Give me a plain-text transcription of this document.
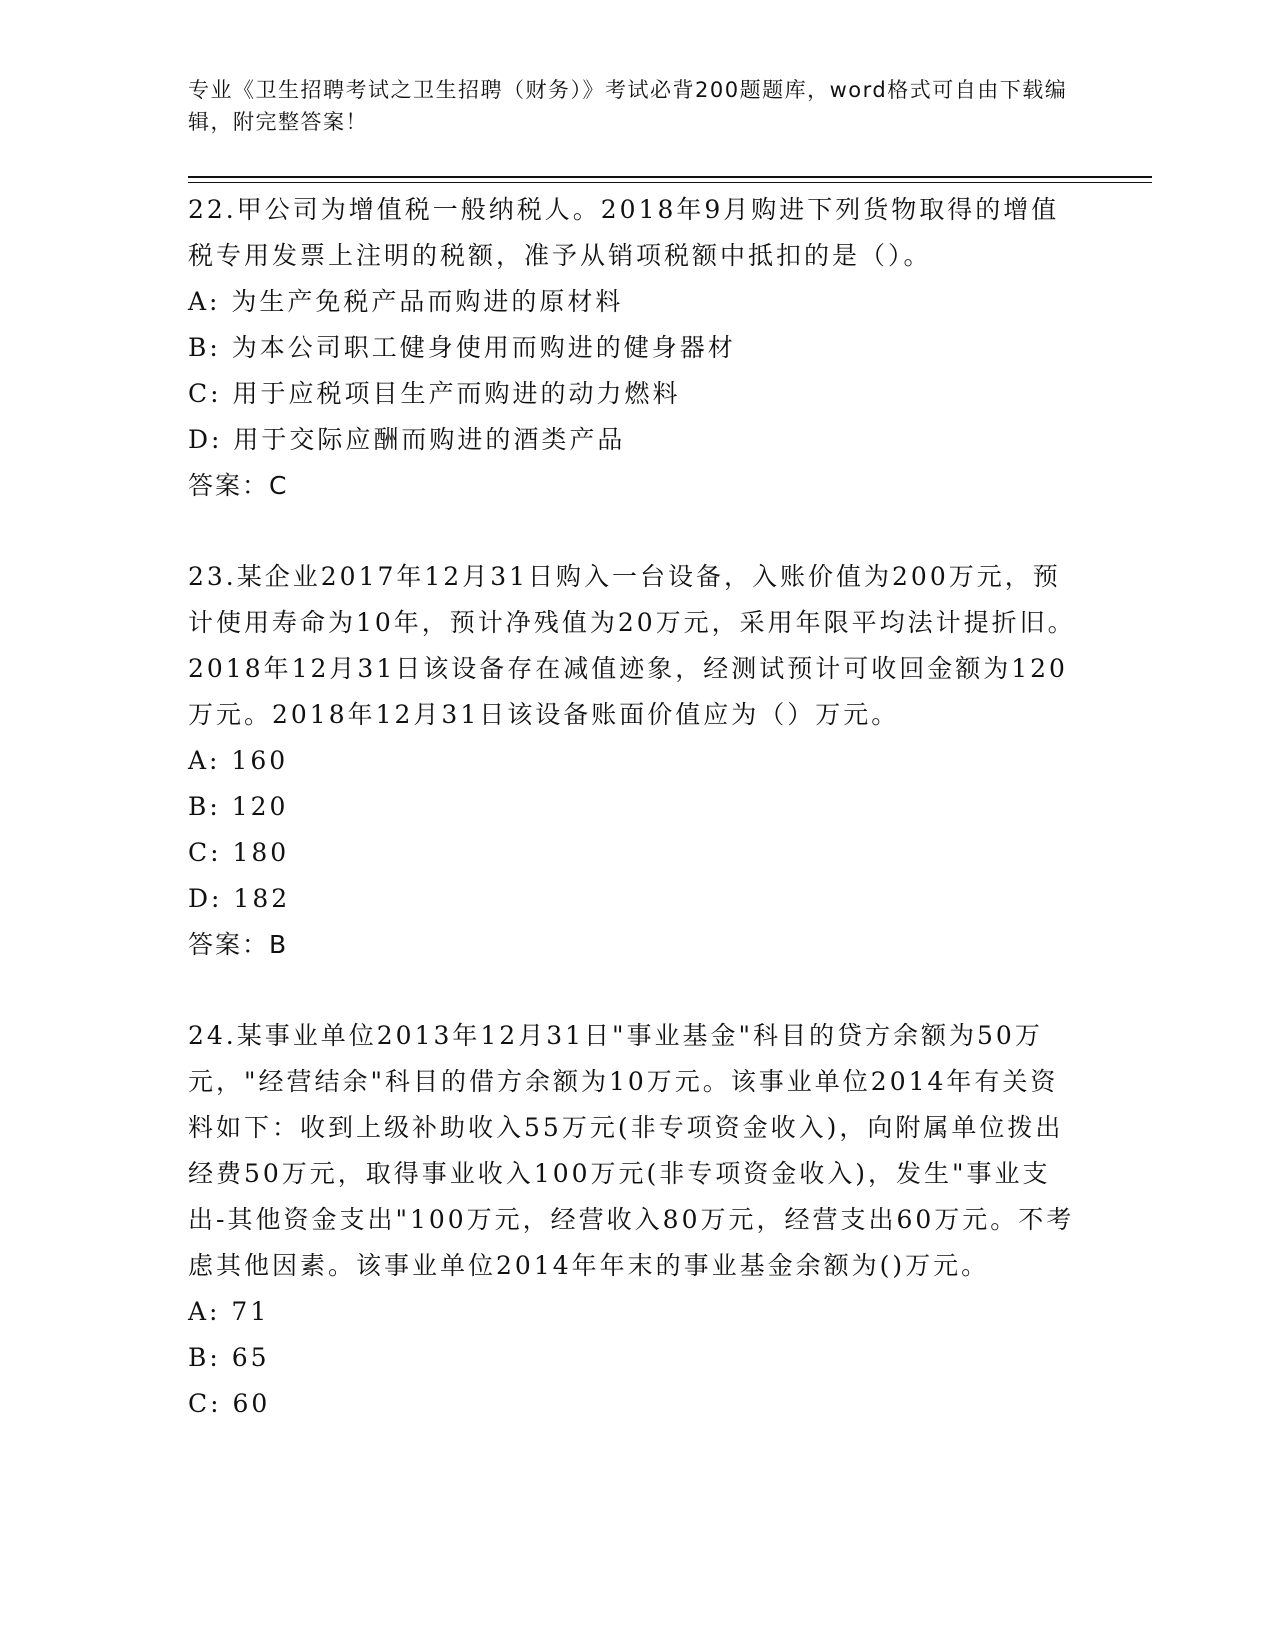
专业《卫生招聘考试之卫生招聘（财务）》考试必背200题题库，word格式可自由下载编辑，附完整答案！

22.甲公司为增值税一般纳税人。2018年9月购进下列货物取得的增值税专用发票上注明的税额，准予从销项税额中抵扣的是（）。

A: 为生产免税产品而购进的原材料

B: 为本公司职工健身使用而购进的健身器材

C: 用于应税项目生产而购进的动力燃料

D: 用于交际应酬而购进的酒类产品

答案：C

23.某企业2017年12月31日购入一台设备，入账价值为200万元，预计使用寿命为10年，预计净残值为20万元，采用年限平均法计提折旧。2018年12月31日该设备存在减值迹象，经测试预计可收回金额为120万元。2018年12月31日该设备账面价值应为（）万元。

A: 160

B: 120

C: 180

D: 182

答案：B

24.某事业单位2013年12月31日"事业基金"科目的贷方余额为50万元，"经营结余"科目的借方余额为10万元。该事业单位2014年有关资料如下：收到上级补助收入55万元(非专项资金收入)，向附属单位拨出经费50万元，取得事业收入100万元(非专项资金收入)，发生"事业支出-其他资金支出"100万元，经营收入80万元，经营支出60万元。不考虑其他因素。该事业单位2014年年末的事业基金余额为()万元。

A: 71

B: 65

C: 60
